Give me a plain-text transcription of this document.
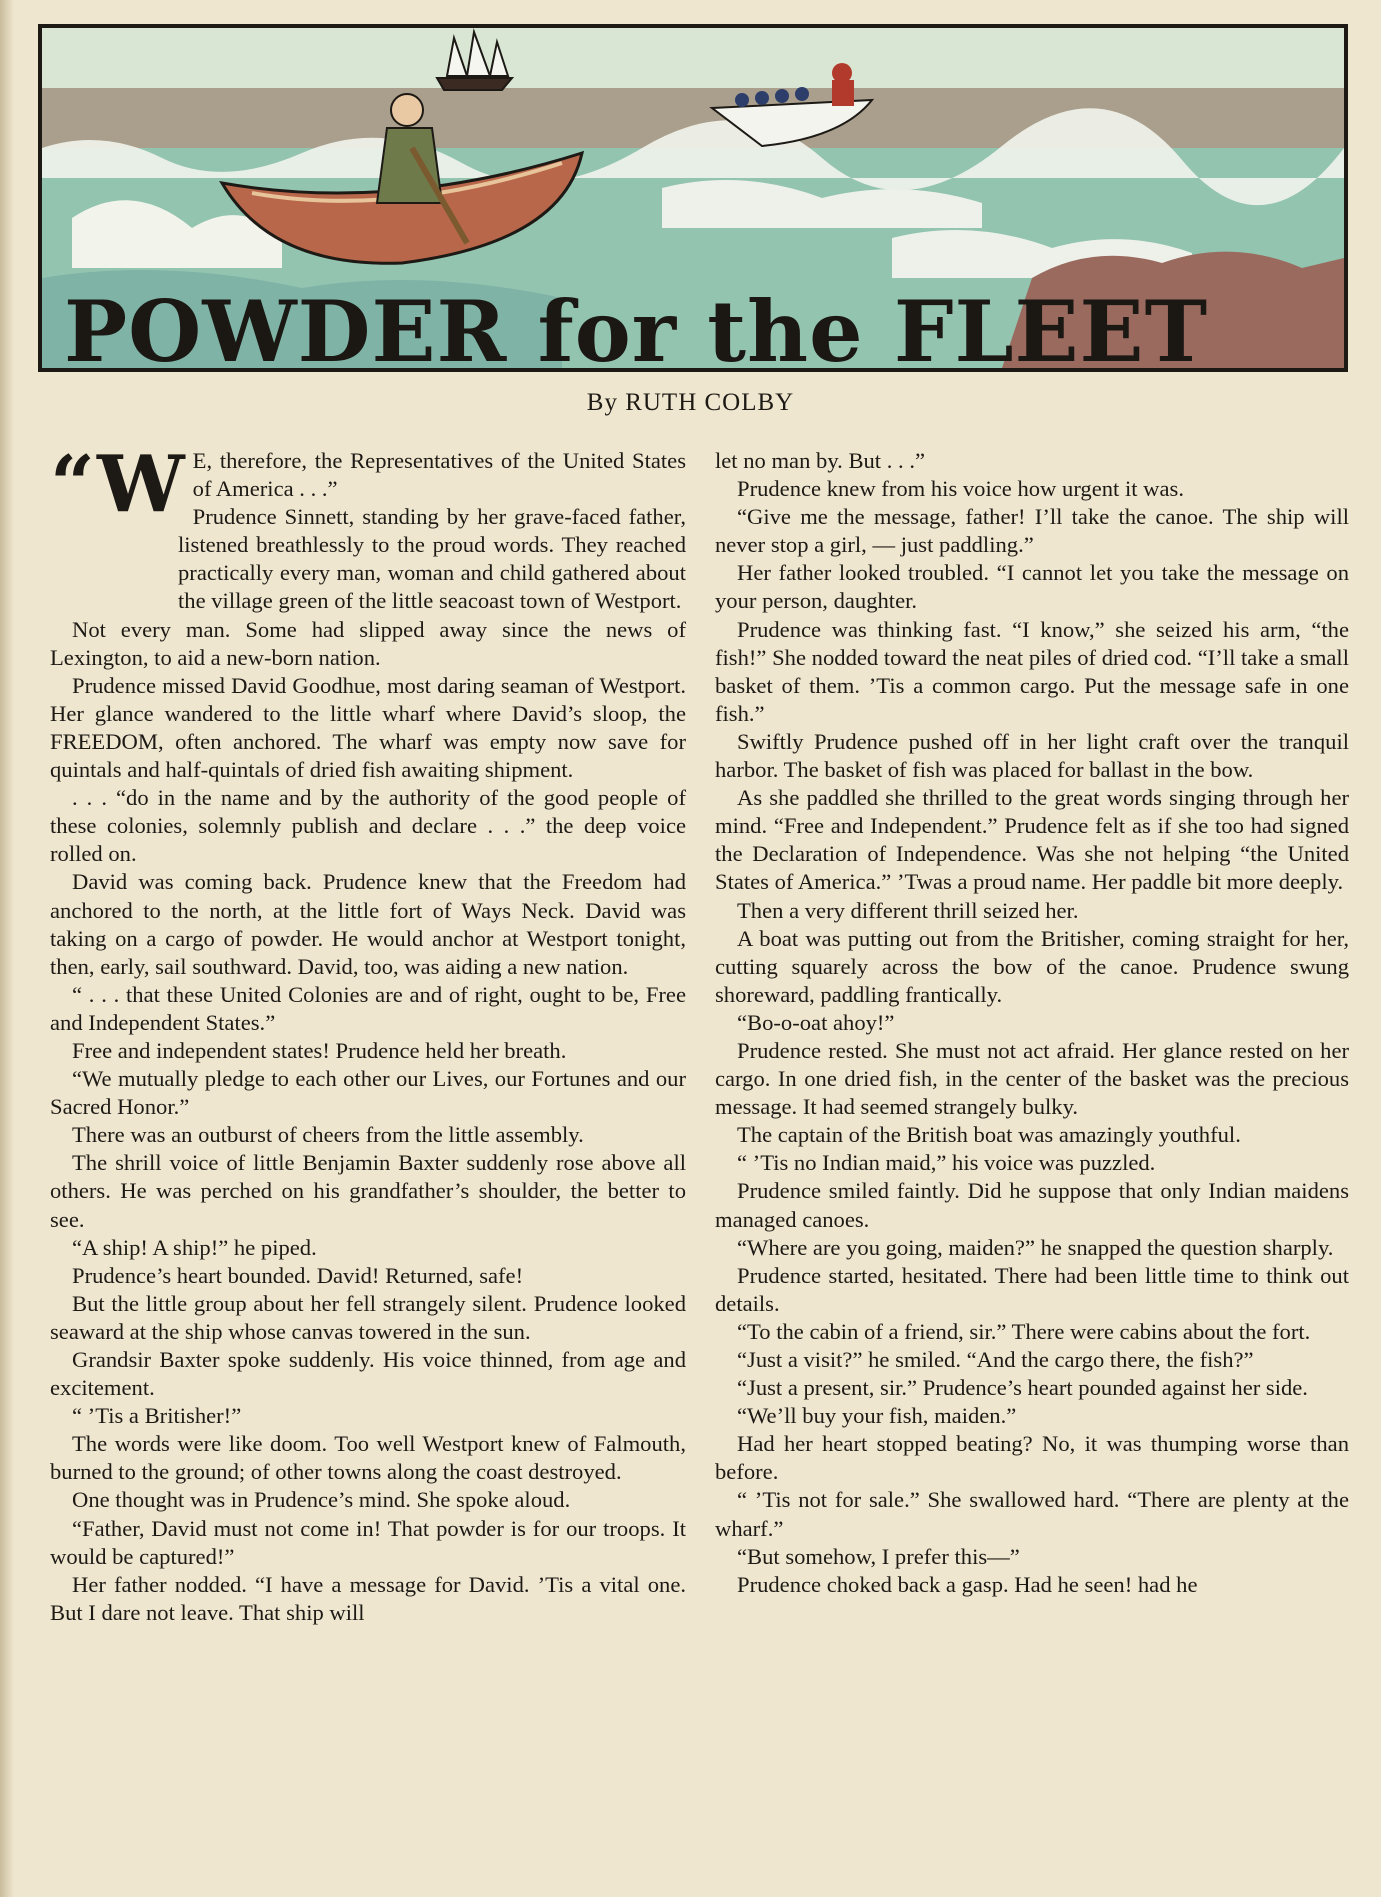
POWDER for the FLEET
By RUTH COLBY

“W E, therefore, the Representatives of the United States of America . . .”

Prudence Sinnett, standing by her grave-faced father, listened breathlessly to the proud words. They reached practically every man, woman and child gathered about the village green of the little seacoast town of Westport.

Not every man. Some had slipped away since the news of Lexington, to aid a new-born nation.

Prudence missed David Goodhue, most daring seaman of Westport. Her glance wandered to the little wharf where David’s sloop, the FREEDOM, often anchored. The wharf was empty now save for quintals and half-quintals of dried fish awaiting shipment.

. . . “do in the name and by the authority of the good people of these colonies, solemnly publish and declare . . .” the deep voice rolled on.

David was coming back. Prudence knew that the Freedom had anchored to the north, at the little fort of Ways Neck. David was taking on a cargo of powder. He would anchor at Westport tonight, then, early, sail southward. David, too, was aiding a new nation.

“ . . . that these United Colonies are and of right, ought to be, Free and Independent States.”

Free and independent states! Prudence held her breath.

“We mutually pledge to each other our Lives, our Fortunes and our Sacred Honor.”

There was an outburst of cheers from the little assembly.

The shrill voice of little Benjamin Baxter suddenly rose above all others. He was perched on his grandfather’s shoulder, the better to see.

“A ship! A ship!” he piped.

Prudence’s heart bounded. David! Returned, safe!

But the little group about her fell strangely silent. Prudence looked seaward at the ship whose canvas towered in the sun.

Grandsir Baxter spoke suddenly. His voice thinned, from age and excitement.

“ ’Tis a Britisher!”

The words were like doom. Too well Westport knew of Falmouth, burned to the ground; of other towns along the coast destroyed.

One thought was in Prudence’s mind. She spoke aloud.

“Father, David must not come in! That powder is for our troops. It would be captured!”

Her father nodded. “I have a message for David. ’Tis a vital one. But I dare not leave. That ship will

let no man by. But . . .”

Prudence knew from his voice how urgent it was.

“Give me the message, father! I’ll take the canoe. The ship will never stop a girl, — just paddling.”

Her father looked troubled. “I cannot let you take the message on your person, daughter.

Prudence was thinking fast. “I know,” she seized his arm, “the fish!” She nodded toward the neat piles of dried cod. “I’ll take a small basket of them. ’Tis a common cargo. Put the message safe in one fish.”

Swiftly Prudence pushed off in her light craft over the tranquil harbor. The basket of fish was placed for ballast in the bow.

As she paddled she thrilled to the great words singing through her mind. “Free and Independent.” Prudence felt as if she too had signed the Declaration of Independence. Was she not helping “the United States of America.” ’Twas a proud name. Her paddle bit more deeply.

Then a very different thrill seized her.

A boat was putting out from the Britisher, coming straight for her, cutting squarely across the bow of the canoe. Prudence swung shoreward, paddling frantically.

“Bo-o-oat ahoy!”

Prudence rested. She must not act afraid. Her glance rested on her cargo. In one dried fish, in the center of the basket was the precious message. It had seemed strangely bulky.

The captain of the British boat was amazingly youthful.

“ ’Tis no Indian maid,” his voice was puzzled.

Prudence smiled faintly. Did he suppose that only Indian maidens managed canoes.

“Where are you going, maiden?” he snapped the question sharply.

Prudence started, hesitated. There had been little time to think out details.

“To the cabin of a friend, sir.” There were cabins about the fort.

“Just a visit?” he smiled. “And the cargo there, the fish?”

“Just a present, sir.” Prudence’s heart pounded against her side.

“We’ll buy your fish, maiden.”

Had her heart stopped beating? No, it was thumping worse than before.

“ ’Tis not for sale.” She swallowed hard. “There are plenty at the wharf.”

“But somehow, I prefer this—”

Prudence choked back a gasp. Had he seen! had he
